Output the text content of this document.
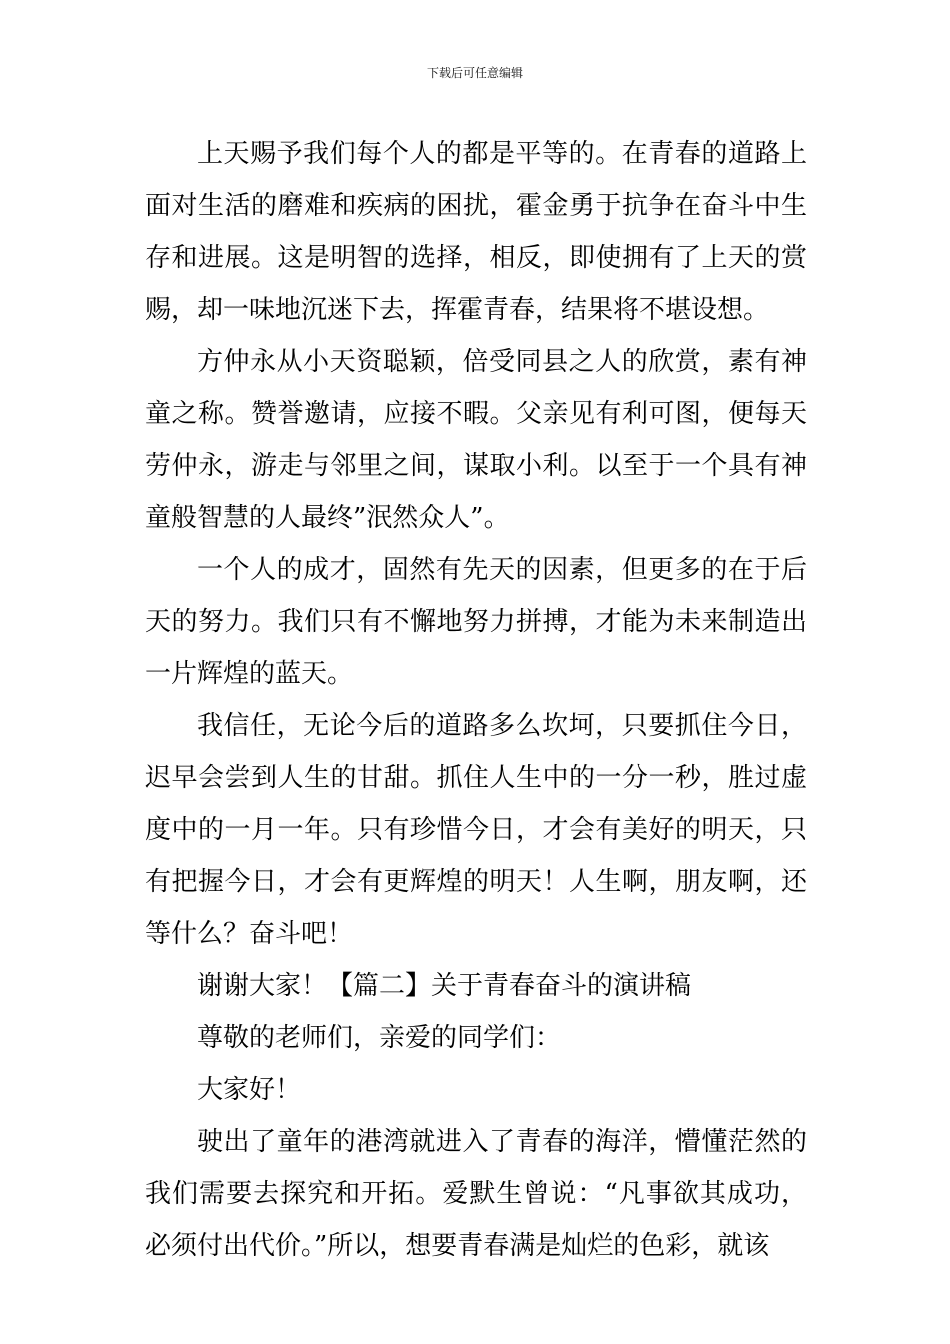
下载后可任意编辑

上天赐予我们每个人的都是平等的。在青春的道路上面对生活的磨难和疾病的困扰，霍金勇于抗争在奋斗中生存和进展。这是明智的选择，相反，即使拥有了上天的赏赐，却一味地沉迷下去，挥霍青春，结果将不堪设想。

方仲永从小天资聪颖，倍受同县之人的欣赏，素有神童之称。赞誉邀请，应接不暇。父亲见有利可图，便每天劳仲永，游走与邻里之间，谋取小利。以至于一个具有神童般智慧的人最终”泯然众人”。

一个人的成才，固然有先天的因素，但更多的在于后天的努力。我们只有不懈地努力拼搏，才能为未来制造出一片辉煌的蓝天。

我信任，无论今后的道路多么坎坷，只要抓住今日，迟早会尝到人生的甘甜。抓住人生中的一分一秒，胜过虚度中的一月一年。只有珍惜今日，才会有美好的明天，只有把握今日，才会有更辉煌的明天！人生啊，朋友啊，还等什么？奋斗吧！

谢谢大家！【篇二】关于青春奋斗的演讲稿

尊敬的老师们，亲爱的同学们：

大家好！

驶出了童年的港湾就进入了青春的海洋，懵懂茫然的我们需要去探究和开拓。爱默生曾说：“凡事欲其成功，必须付出代价。”所以，想要青春满是灿烂的色彩，就该
